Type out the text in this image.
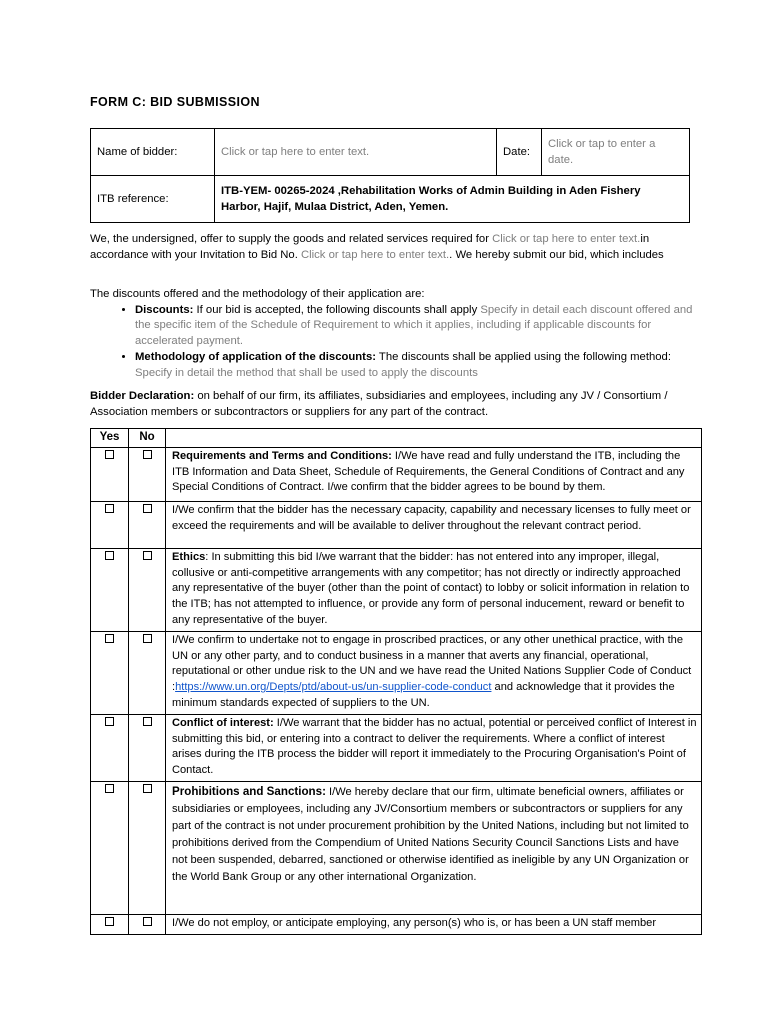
FORM C: BID SUBMISSION
Name of bidder:	Click or tap here to enter text.	Date:	Click or tap to enter a date.
ITB reference:	ITB-YEM- 00265-2024 ,Rehabilitation Works of Admin Building in Aden Fishery Harbor, Hajif, Mulaa District, Aden, Yemen.		
We, the undersigned, offer to supply the goods and related services required for Click or tap here to enter text.in accordance with your Invitation to Bid No. Click or tap here to enter text.. We hereby submit our bid, which includes
The discounts offered and the methodology of their application are:
• Discounts: If our bid is accepted, the following discounts shall apply Specify in detail each discount offered and the specific item of the Schedule of Requirement to which it applies, including if applicable discounts for accelerated payment.
• Methodology of application of the discounts: The discounts shall be applied using the following method: Specify in detail the method that shall be used to apply the discounts
Bidder Declaration: on behalf of our firm, its affiliates, subsidiaries and employees, including any JV / Consortium / Association members or subcontractors or suppliers for any part of the contract.
Yes	No	
		Requirements and Terms and Conditions: I/We have read and fully understand the ITB, including the ITB Information and Data Sheet, Schedule of Requirements, the General Conditions of Contract and any Special Conditions of Contract. I/we confirm that the bidder agrees to be bound by them.
		I/We confirm that the bidder has the necessary capacity, capability and necessary licenses to fully meet or exceed the requirements and will be available to deliver throughout the relevant contract period.
		Ethics: In submitting this bid I/we warrant that the bidder: has not entered into any improper, illegal, collusive or anti-competitive arrangements with any competitor; has not directly or indirectly approached any representative of the buyer (other than the point of contact) to lobby or solicit information in relation to the ITB; has not attempted to influence, or provide any form of personal inducement, reward or benefit to any representative of the buyer.
		I/We confirm to undertake not to engage in proscribed practices, or any other unethical practice, with the UN or any other party, and to conduct business in a manner that averts any financial, operational, reputational or other undue risk to the UN and we have read the United Nations Supplier Code of Conduct :https://www.un.org/Depts/ptd/about-us/un-supplier-code-conduct and acknowledge that it provides the minimum standards expected of suppliers to the UN.
		Conflict of interest: I/We warrant that the bidder has no actual, potential or perceived conflict of Interest in submitting this bid, or entering into a contract to deliver the requirements. Where a conflict of interest arises during the ITB process the bidder will report it immediately to the Procuring Organisation's Point of Contact.
		Prohibitions and Sanctions: I/We hereby declare that our firm, ultimate beneficial owners, affiliates or subsidiaries or employees, including any JV/Consortium members or subcontractors or suppliers for any part of the contract is not under procurement prohibition by the United Nations, including but not limited to prohibitions derived from the Compendium of United Nations Security Council Sanctions Lists and have not been suspended, debarred, sanctioned or otherwise identified as ineligible by any UN Organization or the World Bank Group or any other international Organization.
		I/We do not employ, or anticipate employing, any person(s) who is, or has been a UN staff member
